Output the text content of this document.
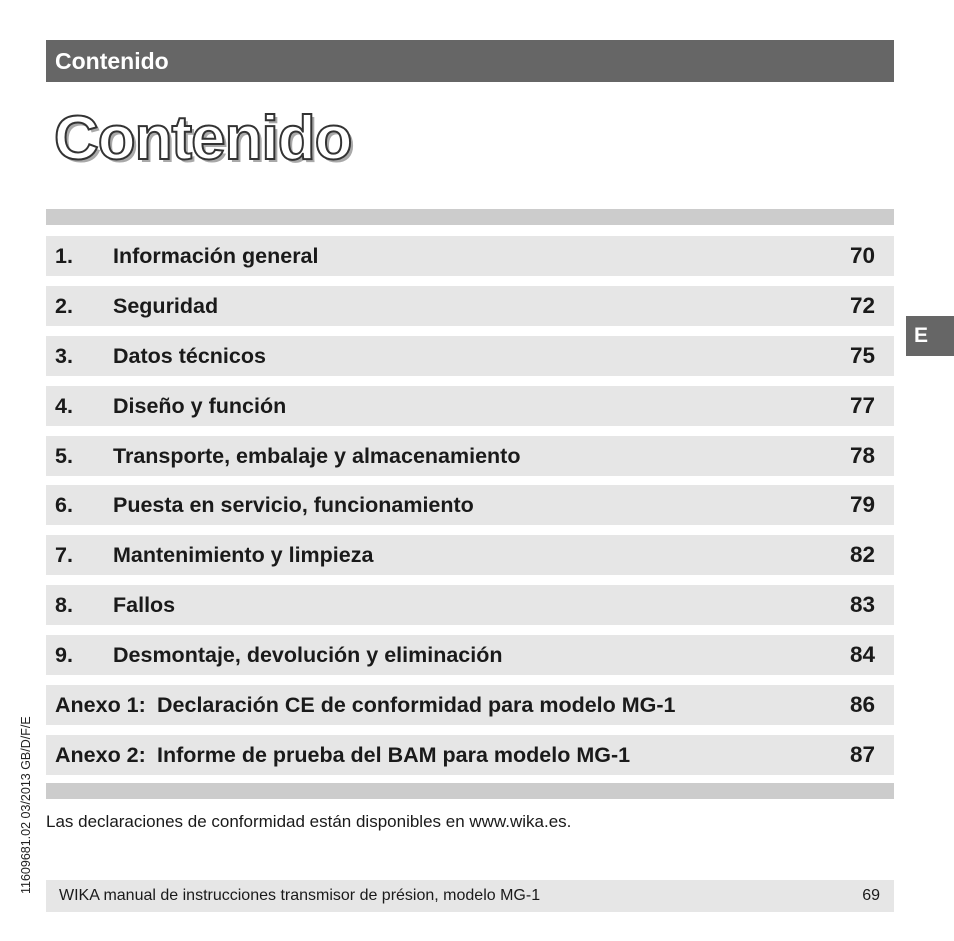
Contenido
Contenido
1. Información general	70
2. Seguridad	72
3. Datos técnicos	75
4. Diseño y función	77
5. Transporte, embalaje y almacenamiento	78
6. Puesta en servicio, funcionamiento	79
7. Mantenimiento y limpieza	82
8. Fallos	83
9. Desmontaje, devolución y eliminación	84
Anexo 1: Declaración CE de conformidad para modelo MG-1	86
Anexo 2: Informe de prueba del BAM para modelo MG-1	87
E
11609681.02 03/2013 GB/D/F/E Las declaraciones de conformidad están disponibles en www.wika.es.
WIKA manual de instrucciones transmisor de présion, modelo MG-1	69
